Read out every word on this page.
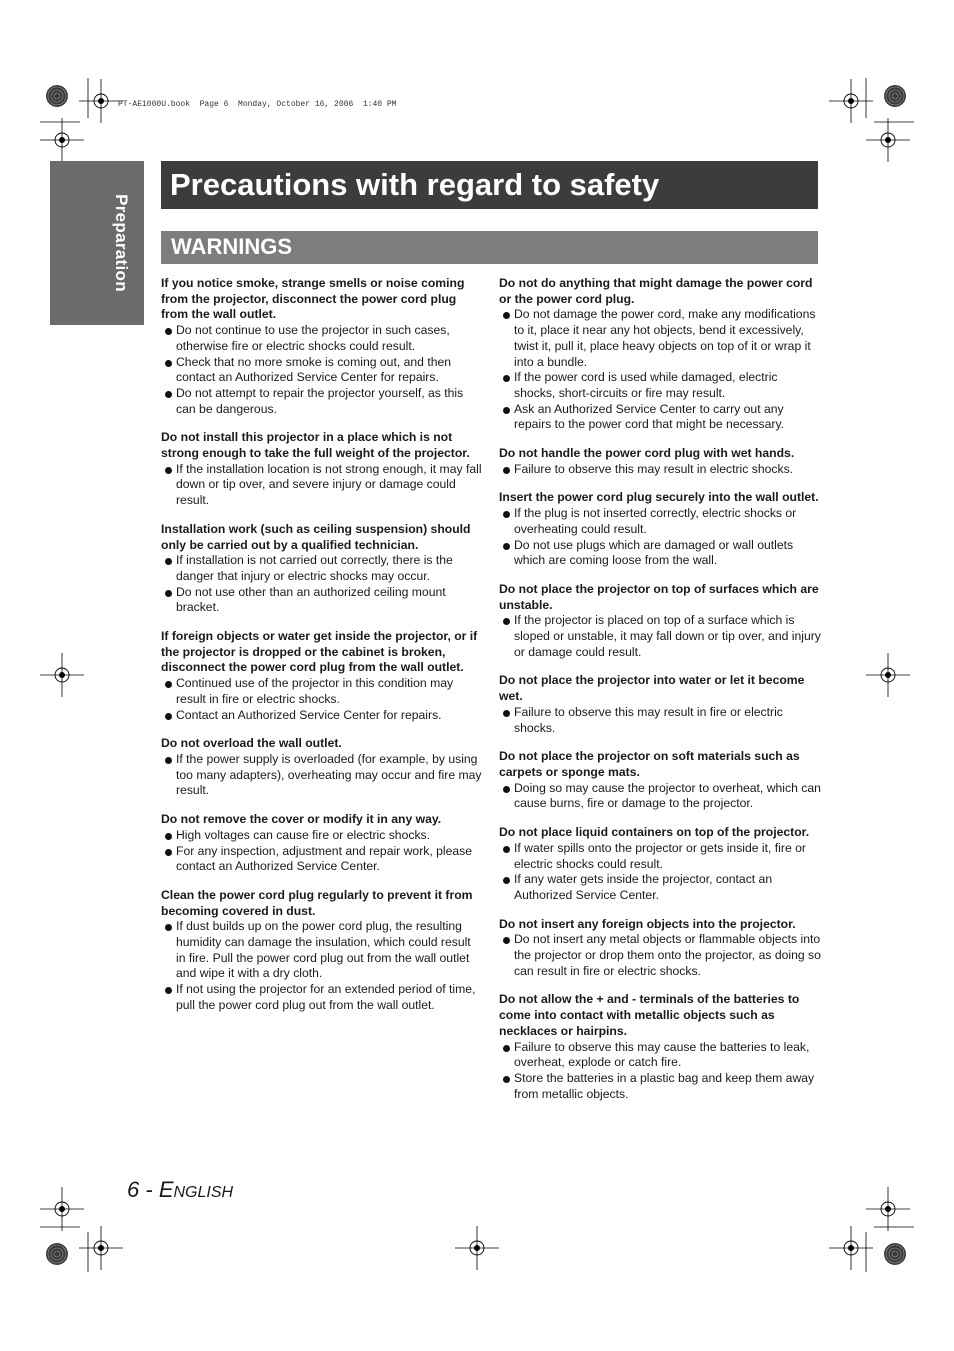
PT-AE1000U.book  Page 6  Monday, October 16, 2006  1:40 PM
Preparation
Precautions with regard to safety
WARNINGS
If you notice smoke, strange smells or noise coming from the projector, disconnect the power cord plug from the wall outlet.
Do not continue to use the projector in such cases, otherwise fire or electric shocks could result.
Check that no more smoke is coming out, and then contact an Authorized Service Center for repairs.
Do not attempt to repair the projector yourself, as this can be dangerous.
Do not install this projector in a place which is not strong enough to take the full weight of the projector.
If the installation location is not strong enough, it may fall down or tip over, and severe injury or damage could result.
Installation work (such as ceiling suspension) should only be carried out by a qualified technician.
If installation is not carried out correctly, there is the danger that injury or electric shocks may occur.
Do not use other than an authorized ceiling mount bracket.
If foreign objects or water get inside the projector, or if the projector is dropped or the cabinet is broken, disconnect the power cord plug from the wall outlet.
Continued use of the projector in this condition may result in fire or electric shocks.
Contact an Authorized Service Center for repairs.
Do not overload the wall outlet.
If the power supply is overloaded (for example, by using too many adapters), overheating may occur and fire may result.
Do not remove the cover or modify it in any way.
High voltages can cause fire or electric shocks.
For any inspection, adjustment and repair work, please contact an Authorized Service Center.
Clean the power cord plug regularly to prevent it from becoming covered in dust.
If dust builds up on the power cord plug, the resulting humidity can damage the insulation, which could result in fire. Pull the power cord plug out from the wall outlet and wipe it with a dry cloth.
If not using the projector for an extended period of time, pull the power cord plug out from the wall outlet.
Do not do anything that might damage the power cord or the power cord plug.
Do not damage the power cord, make any modifications to it, place it near any hot objects, bend it excessively, twist it, pull it, place heavy objects on top of it or wrap it into a bundle.
If the power cord is used while damaged, electric shocks, short-circuits or fire may result.
Ask an Authorized Service Center to carry out any repairs to the power cord that might be necessary.
Do not handle the power cord plug with wet hands.
Failure to observe this may result in electric shocks.
Insert the power cord plug securely into the wall outlet.
If the plug is not inserted correctly, electric shocks or overheating could result.
Do not use plugs which are damaged or wall outlets which are coming loose from the wall.
Do not place the projector on top of surfaces which are unstable.
If the projector is placed on top of a surface which is sloped or unstable, it may fall down or tip over, and injury or damage could result.
Do not place the projector into water or let it become wet.
Failure to observe this may result in fire or electric shocks.
Do not place the projector on soft materials such as carpets or sponge mats.
Doing so may cause the projector to overheat, which can cause burns, fire or damage to the projector.
Do not place liquid containers on top of the projector.
If water spills onto the projector or gets inside it, fire or electric shocks could result.
If any water gets inside the projector, contact an Authorized Service Center.
Do not insert any foreign objects into the projector.
Do not insert any metal objects or flammable objects into the projector or drop them onto the projector, as doing so can result in fire or electric shocks.
Do not allow the + and - terminals of the batteries to come into contact with metallic objects such as necklaces or hairpins.
Failure to observe this may cause the batteries to leak, overheat, explode or catch fire.
Store the batteries in a plastic bag and keep them away from metallic objects.
6 - ENGLISH
